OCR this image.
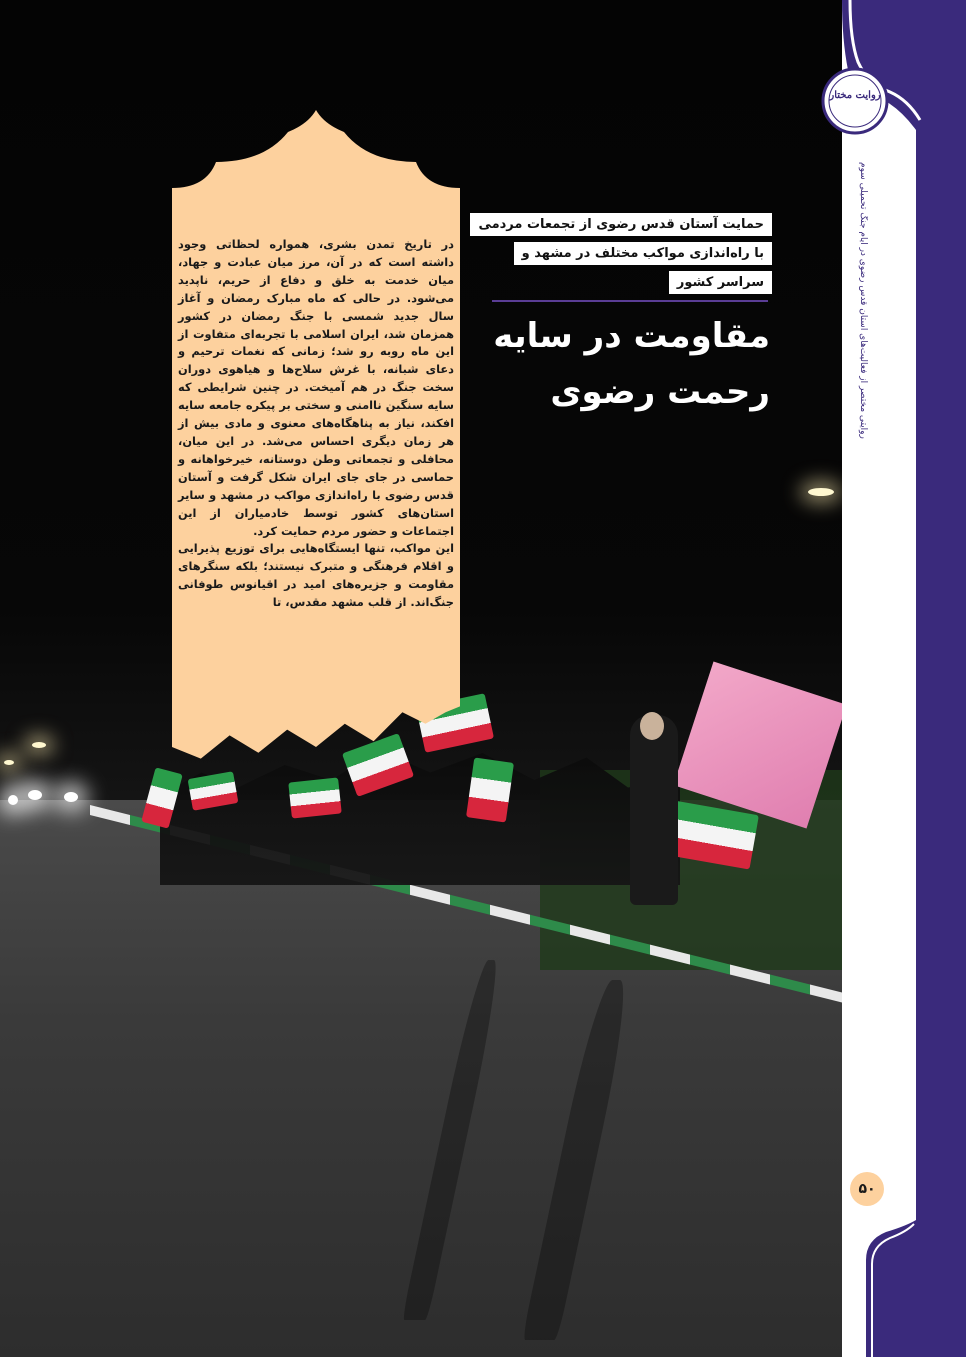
در تاریخ تمدن بشری، همواره لحظاتی وجود داشته است که در آن، مرز میان عبادت و جهاد، میان خدمت به خلق و دفاع از حریم، ناپدید می‌شود. در حالی که ماه مبارک رمضان و آغاز سال جدید شمسی با جنگ رمضان در کشور همزمان شد، ایران اسلامی با تجربه‌ای متفاوت از این ماه روبه رو شد؛ زمانی که نغمات ترحیم و دعای شبانه، با غرش سلاح‌ها و هیاهوی دوران سخت جنگ در هم آمیخت. در چنین شرایطی که سایه سنگین ناامنی و سختی بر پیکره جامعه سایه افکند، نیاز به پناهگاه‌های معنوی و مادی بیش از هر زمان دیگری احساس می‌شد. در این میان، محافلی و تجمعاتی وطن دوستانه، خیرخواهانه و حماسی در جای جای ایران شکل گرفت و آستان قدس رضوی با راه‌اندازی مواکب در مشهد و سایر استان‌های کشور توسط خادمیاران از این اجتماعات و حضور مردم حمایت کرد.

این مواکب، تنها ایستگاه‌هایی برای توزیع پذیرایی و اقلام فرهنگی و متبرک نیستند؛ بلکه سنگرهای مقاومت و جزیره‌های امید در اقیانوس طوفانی جنگ‌اند. از قلب مشهد مقدس، تا

حمایت آستان قدس رضوی از تجمعات مردمی
با راه‌اندازی مواکب مختلف در مشهد و
سراسر کشور
مقاومت در سایه
رحمت رضوی
روایت مختار
روایتی مختصر از فعالیت‌های آستان قدس رضوی در ایام جنگ تحمیلی سوم
۵۰
